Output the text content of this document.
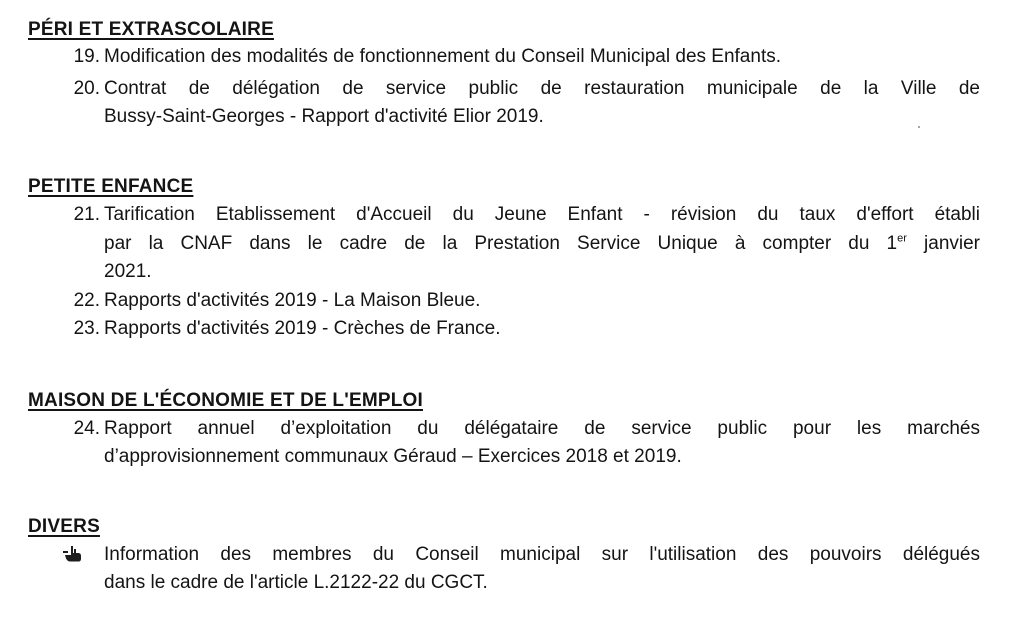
PÉRI ET EXTRASCOLAIRE
19. Modification des modalités de fonctionnement du Conseil Municipal des Enfants.

20. Contrat de délégation de service public de restauration municipale de la Ville de

Bussy-Saint-Georges - Rapport d'activité Elior 2019.

PETITE ENFANCE
21. Tarification Etablissement d'Accueil du Jeune Enfant - révision du taux d'effort établi

par la CNAF dans le cadre de la Prestation Service Unique à compter du 1er janvier

2021.

22. Rapports d'activités 2019 - La Maison Bleue.

23. Rapports d'activités 2019 - Crèches de France.

MAISON DE L'ÉCONOMIE ET DE L'EMPLOI
24. Rapport annuel d’exploitation du délégataire de service public pour les marchés

d’approvisionnement communaux Géraud – Exercices 2018 et 2019.

DIVERS

Information des membres du Conseil municipal sur l'utilisation des pouvoirs délégués

dans le cadre de l'article L.2122-22 du CGCT.
